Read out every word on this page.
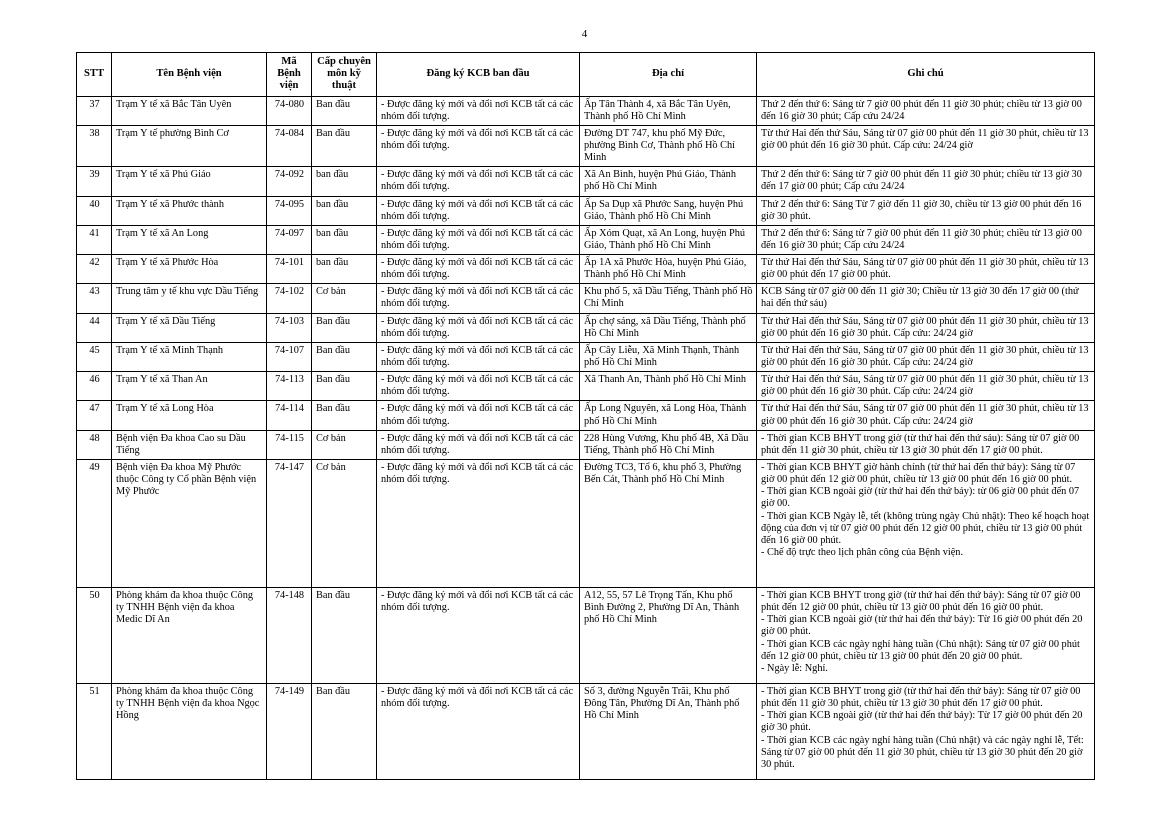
4
STT	Tên Bệnh viện	Mã Bệnh viện	Cấp chuyên môn kỹ thuật	Đăng ký KCB ban đầu	Địa chỉ	Ghi chú
37	Trạm Y tế xã Bắc Tân Uyên	74-080	Ban đầu	- Được đăng ký mới và đổi nơi KCB tất cả các nhóm đối tượng.	Ấp Tân Thành 4, xã Bắc Tân Uyên, Thành phố Hồ Chí Minh	Thứ 2 đến thứ 6: Sáng từ 7 giờ 00 phút đến 11 giờ 30 phút; chiều từ 13 giờ 00 đến 16 giờ 30 phút; Cấp cứu 24/24
38	Trạm Y tế phường Bình Cơ	74-084	Ban đầu	- Được đăng ký mới và đổi nơi KCB tất cả các nhóm đối tượng.	Đường DT 747, khu phố Mỹ Đức, phường Bình Cơ, Thành phố Hồ Chí Minh	Từ thứ Hai đến thứ Sáu, Sáng từ 07 giờ 00 phút đến 11 giờ 30 phút, chiều từ 13 giờ 00 phút đến 16 giờ 30 phút. Cấp cứu: 24/24 giờ
39	Trạm Y tế xã Phú Giáo	74-092	ban đầu	- Được đăng ký mới và đổi nơi KCB tất cả các nhóm đối tượng.	Xã An Bình, huyện Phú Giáo, Thành phố Hồ Chí Minh	Thứ 2 đến thứ 6: Sáng từ 7 giờ 00 phút đến 11 giờ 30 phút; chiều từ 13 giờ 30 đến 17 giờ 00 phút; Cấp cứu 24/24
40	Trạm Y tế xã Phước thành	74-095	ban đầu	- Được đăng ký mới và đổi nơi KCB tất cả các nhóm đối tượng.	Ấp Sa Dụp xã Phước Sang, huyện Phú Giáo, Thành phố Hồ Chí Minh	Thứ 2 đến thứ 6: Sáng Từ 7 giờ đến 11 giờ 30, chiều từ 13 giờ 00 phút đến 16 giờ 30 phút.
41	Trạm Y tế xã An Long	74-097	ban đầu	- Được đăng ký mới và đổi nơi KCB tất cả các nhóm đối tượng.	Ấp Xóm Quạt, xã An Long, huyện Phú Giáo, Thành phố Hồ Chí Minh	Thứ 2 đến thứ 6: Sáng từ 7 giờ 00 phút đến 11 giờ 30 phút; chiều từ 13 giờ 00 đến 16 giờ 30 phút; Cấp cứu 24/24
42	Trạm Y tế xã Phước Hòa	74-101	ban đầu	- Được đăng ký mới và đổi nơi KCB tất cả các nhóm đối tượng.	Ấp 1A xã Phước Hòa, huyện Phú Giáo, Thành phố Hồ Chí Minh	Từ thứ Hai đến thứ Sáu, Sáng từ 07 giờ 00 phút đến 11 giờ 30 phút, chiều từ 13 giờ 00 phút đến 17 giờ 00 phút.
43	Trung tâm y tế khu vực Dầu Tiếng	74-102	Cơ bản	- Được đăng ký mới và đổi nơi KCB tất cả các nhóm đối tượng.	Khu phố 5, xã Dầu Tiếng, Thành phố Hồ Chí Minh	KCB Sáng từ 07 giờ 00 đến 11 giờ 30; Chiều từ 13 giờ 30 đến 17 giờ 00 (thứ hai đến thứ sáu)
44	Trạm Y tế xã Dầu Tiếng	74-103	Ban đầu	- Được đăng ký mới và đổi nơi KCB tất cả các nhóm đối tượng.	Ấp chợ sáng, xã Dầu Tiếng, Thành phố Hồ Chí Minh	Từ thứ Hai đến thứ Sáu, Sáng từ 07 giờ 00 phút đến 11 giờ 30 phút, chiều từ 13 giờ 00 phút đến 16 giờ 30 phút. Cấp cứu: 24/24 giờ
45	Trạm Y tế xã Minh Thạnh	74-107	Ban đầu	- Được đăng ký mới và đổi nơi KCB tất cả các nhóm đối tượng.	Ấp Cây Liễu, Xã Minh Thạnh, Thành phố Hồ Chí Minh	Từ thứ Hai đến thứ Sáu, Sáng từ 07 giờ 00 phút đến 11 giờ 30 phút, chiều từ 13 giờ 00 phút đến 16 giờ 30 phút. Cấp cứu: 24/24 giờ
46	Trạm Y tế xã Than An	74-113	Ban đầu	- Được đăng ký mới và đổi nơi KCB tất cả các nhóm đối tượng.	Xã Thanh An, Thành phố Hồ Chí Minh	Từ thứ Hai đến thứ Sáu, Sáng từ 07 giờ 00 phút đến 11 giờ 30 phút, chiều từ 13 giờ 00 phút đến 16 giờ 30 phút. Cấp cứu: 24/24 giờ
47	Trạm Y tế xã Long Hòa	74-114	Ban đầu	- Được đăng ký mới và đổi nơi KCB tất cả các nhóm đối tượng.	Ấp Long Nguyên, xã Long Hòa, Thành phố Hồ Chí Minh	Từ thứ Hai đến thứ Sáu, Sáng từ 07 giờ 00 phút đến 11 giờ 30 phút, chiều từ 13 giờ 00 phút đến 16 giờ 30 phút. Cấp cứu: 24/24 giờ
48	Bệnh viện Đa khoa Cao su Dầu Tiếng	74-115	Cơ bản	- Được đăng ký mới và đổi nơi KCB tất cả các nhóm đối tượng.	228 Hùng Vương, Khu phố 4B, Xã Dầu Tiếng, Thành phố Hồ Chí Minh	- Thời gian KCB BHYT trong giờ (từ thứ hai đến thứ sáu): Sáng từ 07 giờ 00 phút đến 11 giờ 30 phút, chiều từ 13 giờ 30 phút đến 17 giờ 00 phút.
49	Bệnh viện Đa khoa Mỹ Phước thuộc Công ty Cổ phần Bệnh viện Mỹ Phước	74-147	Cơ bản	- Được đăng ký mới và đổi nơi KCB tất cả các nhóm đối tượng.	Đường TC3, Tổ 6, khu phố 3, Phường Bến Cát, Thành phố Hồ Chí Minh	- Thời gian KCB BHYT giờ hành chính (từ thứ hai đến thứ bảy): Sáng từ 07 giờ 00 phút đến 12 giờ 00 phút, chiều từ 13 giờ 00 phút đến 16 giờ 00 phút.
- Thời gian KCB ngoài giờ (từ thứ hai đến thứ bảy): từ 06 giờ 00 phút đến 07 giờ 00.
- Thời gian KCB Ngày lễ, tết (không trùng ngày Chủ nhật): Theo kế hoạch hoạt động của đơn vị từ 07 giờ 00 phút đến 12 giờ 00 phút, chiều từ 13 giờ 00 phút đến 16 giờ 00 phút.
- Chế độ trực theo lịch phân công của Bệnh viện.

50	Phòng khám đa khoa thuộc Công ty TNHH Bệnh viện đa khoa Medic Dĩ An	74-148	Ban đầu	- Được đăng ký mới và đổi nơi KCB tất cả các nhóm đối tượng.	A12, 55, 57 Lê Trọng Tấn, Khu phố Bình Đường 2, Phường Dĩ An, Thành phố Hồ Chí Minh	- Thời gian KCB BHYT trong giờ (từ thứ hai đến thứ bảy): Sáng từ 07 giờ 00 phút đến 12 giờ 00 phút, chiều từ 13 giờ 00 phút đến 16 giờ 00 phút.
- Thời gian KCB ngoài giờ (từ thứ hai đến thứ bảy): Từ 16 giờ 00 phút đến 20 giờ 00 phút.
- Thời gian KCB các ngày nghỉ hàng tuần (Chủ nhật): Sáng từ 07 giờ 00 phút đến 12 giờ 00 phút, chiều từ 13 giờ 00 phút đến 20 giờ 00 phút.
- Ngày lễ: Nghỉ.

51	Phòng khám đa khoa thuộc Công ty TNHH Bệnh viện đa khoa Ngọc Hồng	74-149	Ban đầu	- Được đăng ký mới và đổi nơi KCB tất cả các nhóm đối tượng.	Số 3, đường Nguyễn Trãi, Khu phố Đông Tân, Phường Dĩ An, Thành phố Hồ Chí Minh	- Thời gian KCB BHYT trong giờ (từ thứ hai đến thứ bảy): Sáng từ 07 giờ 00 phút đến 11 giờ 30 phút, chiều từ 13 giờ 30 phút đến 17 giờ 00 phút.
- Thời gian KCB ngoài giờ (từ thứ hai đến thứ bảy): Từ 17 giờ 00 phút đến 20 giờ 30 phút.
- Thời gian KCB các ngày nghỉ hàng tuần (Chủ nhật) và các ngày nghỉ lễ, Tết: Sáng từ 07 giờ 00 phút đến 11 giờ 30 phút, chiều từ 13 giờ 30 phút đến 20 giờ 30 phút.
